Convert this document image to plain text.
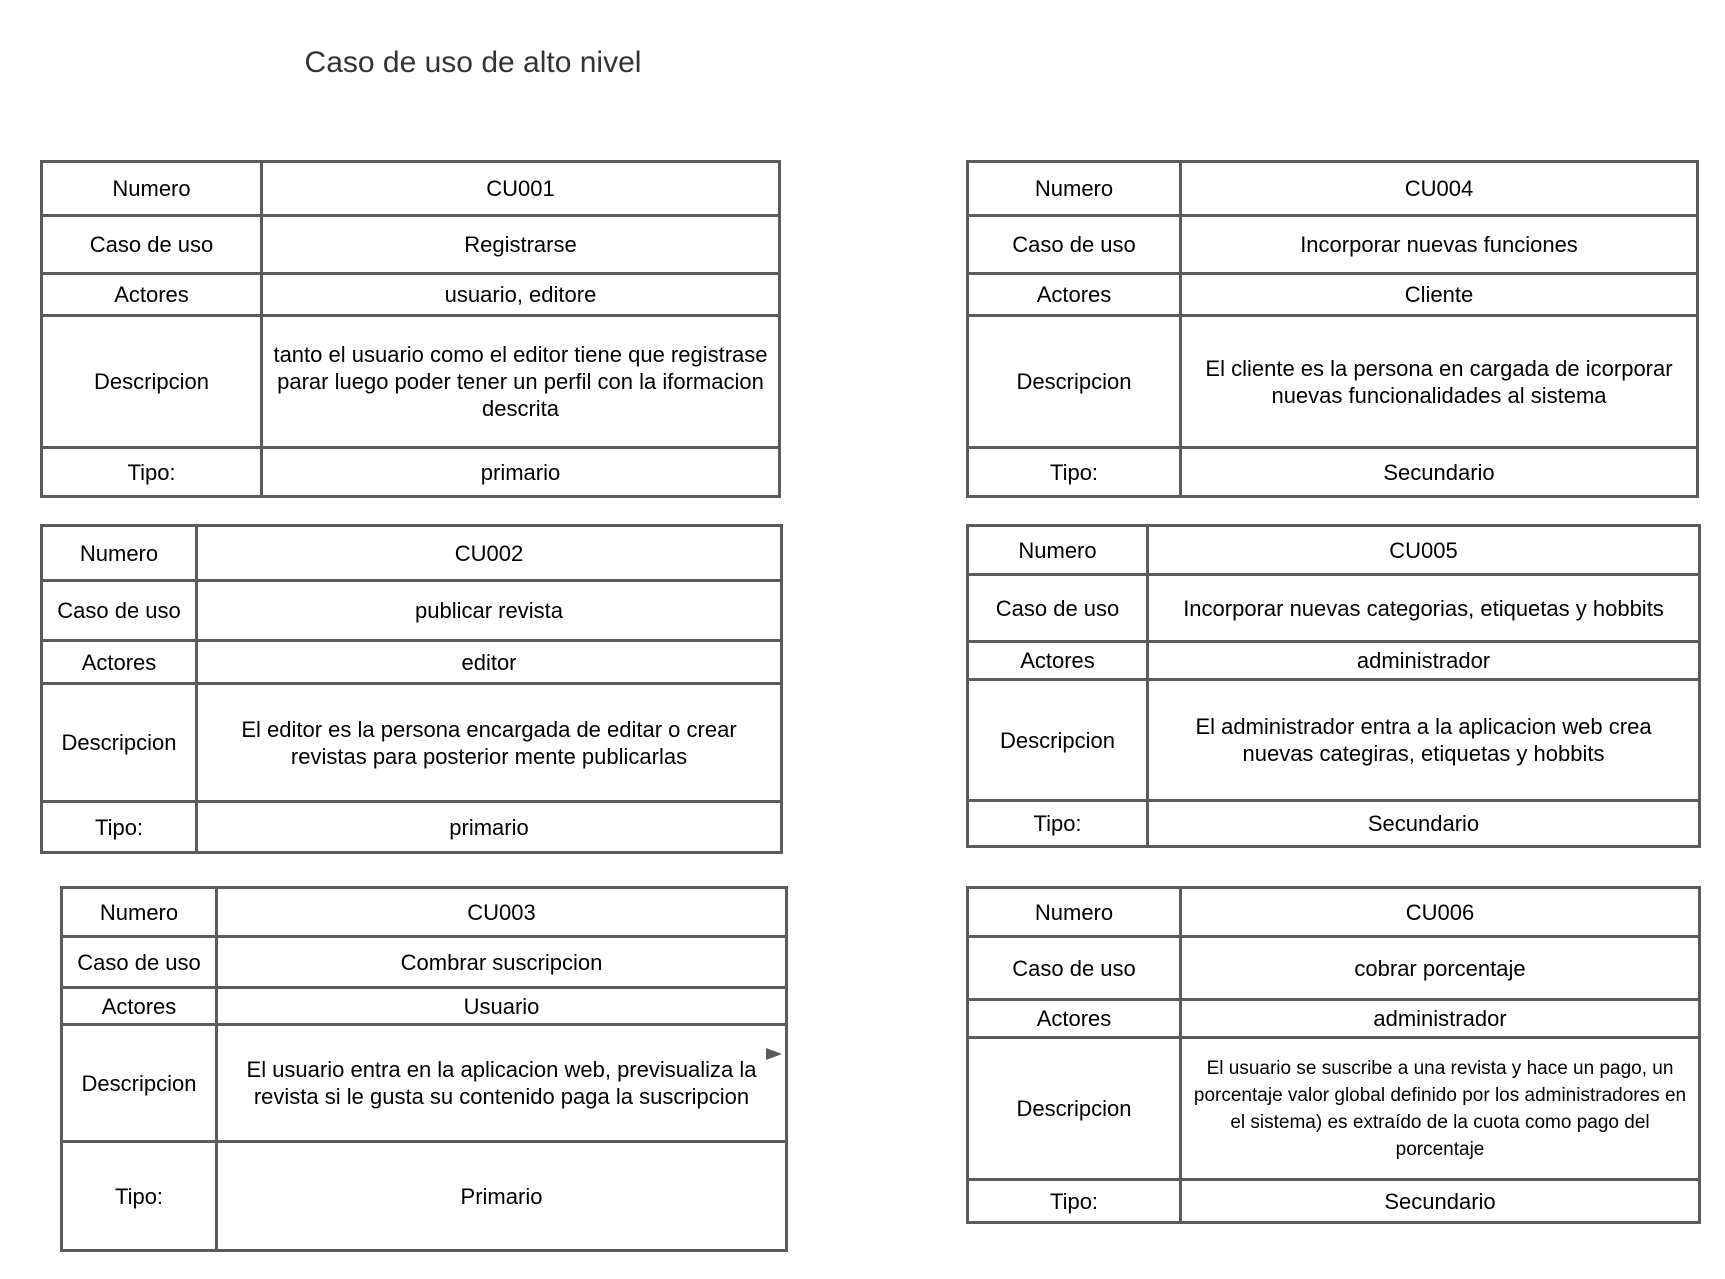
Caso de uso de alto nivel
Numero	CU001
Caso de uso	Registrarse
Actores	usuario, editore
Descripcion	tanto el usuario como el editor tiene que registrase parar luego poder tener un perfil con la iformacion descrita
Tipo:	primario
Numero	CU002
Caso de uso	publicar revista
Actores	editor
Descripcion	El editor es la persona encargada de editar o crear revistas para posterior mente publicarlas
Tipo:	primario
Numero	CU003
Caso de uso	Combrar suscripcion
Actores	Usuario
Descripcion	El usuario entra en la aplicacion web, previsualiza la revista si le gusta su contenido paga la suscripcion
Tipo:	Primario
Numero	CU004
Caso de uso	Incorporar nuevas funciones
Actores	Cliente
Descripcion	El cliente es la persona en cargada de icorporar nuevas funcionalidades al sistema
Tipo:	Secundario
Numero	CU005
Caso de uso	Incorporar nuevas categorias, etiquetas y hobbits
Actores	administrador
Descripcion	El administrador entra a la aplicacion web crea nuevas categiras, etiquetas y hobbits
Tipo:	Secundario
Numero	CU006
Caso de uso	cobrar porcentaje
Actores	administrador
Descripcion	El usuario se suscribe a una revista y hace un pago, un porcentaje valor global definido por los administradores en el sistema) es extraído de la cuota como pago del porcentaje
Tipo:	Secundario
